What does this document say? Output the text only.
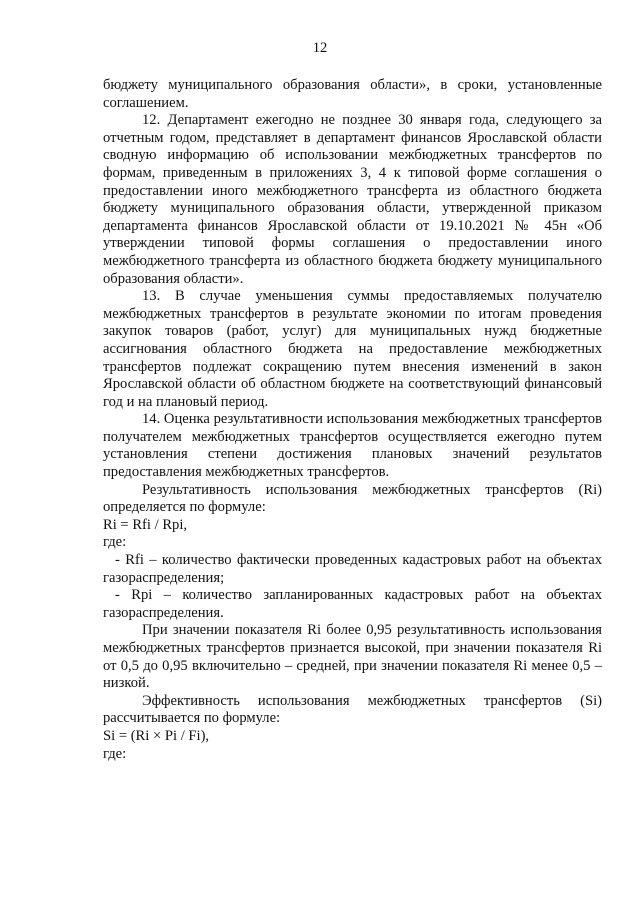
12

бюджету муниципального образования области», в сроки, установленные соглашением.

12. Департамент ежегодно не позднее 30 января года, следующего за отчетным годом, представляет в департамент финансов Ярославской области сводную информацию об использовании межбюджетных трансфертов по формам, приведенным в приложениях 3, 4 к типовой форме соглашения о предоставлении иного межбюджетного трансферта из областного бюджета бюджету муниципального образования области, утвержденной приказом департамента финансов Ярославской области от 19.10.2021 № 45н «Об утверждении типовой формы соглашения о предоставлении иного межбюджетного трансферта из областного бюджета бюджету муниципального образования области».

13. В случае уменьшения суммы предоставляемых получателю межбюджетных трансфертов в результате экономии по итогам проведения закупок товаров (работ, услуг) для муниципальных нужд бюджетные ассигнования областного бюджета на предоставление межбюджетных трансфертов подлежат сокращению путем внесения изменений в закон Ярославской области об областном бюджете на соответствующий финансовый год и на плановый период.

14. Оценка результативности использования межбюджетных трансфертов получателем межбюджетных трансфертов осуществляется ежегодно путем установления степени достижения плановых значений результатов предоставления межбюджетных трансфертов.

Результативность использования межбюджетных трансфертов (Ri) определяется по формуле:

Ri = Rfi / Rpi,

где:

- Rfi – количество фактически проведенных кадастровых работ на объектах газораспределения;

- Rpi – количество запланированных кадастровых работ на объектах газораспределения.

При значении показателя Ri более 0,95 результативность использования межбюджетных трансфертов признается высокой, при значении показателя Ri от 0,5 до 0,95 включительно – средней, при значении показателя Ri менее 0,5 – низкой.

Эффективность использования межбюджетных трансфертов (Si) рассчитывается по формуле:

Si = (Ri × Pi / Fi),

где:
